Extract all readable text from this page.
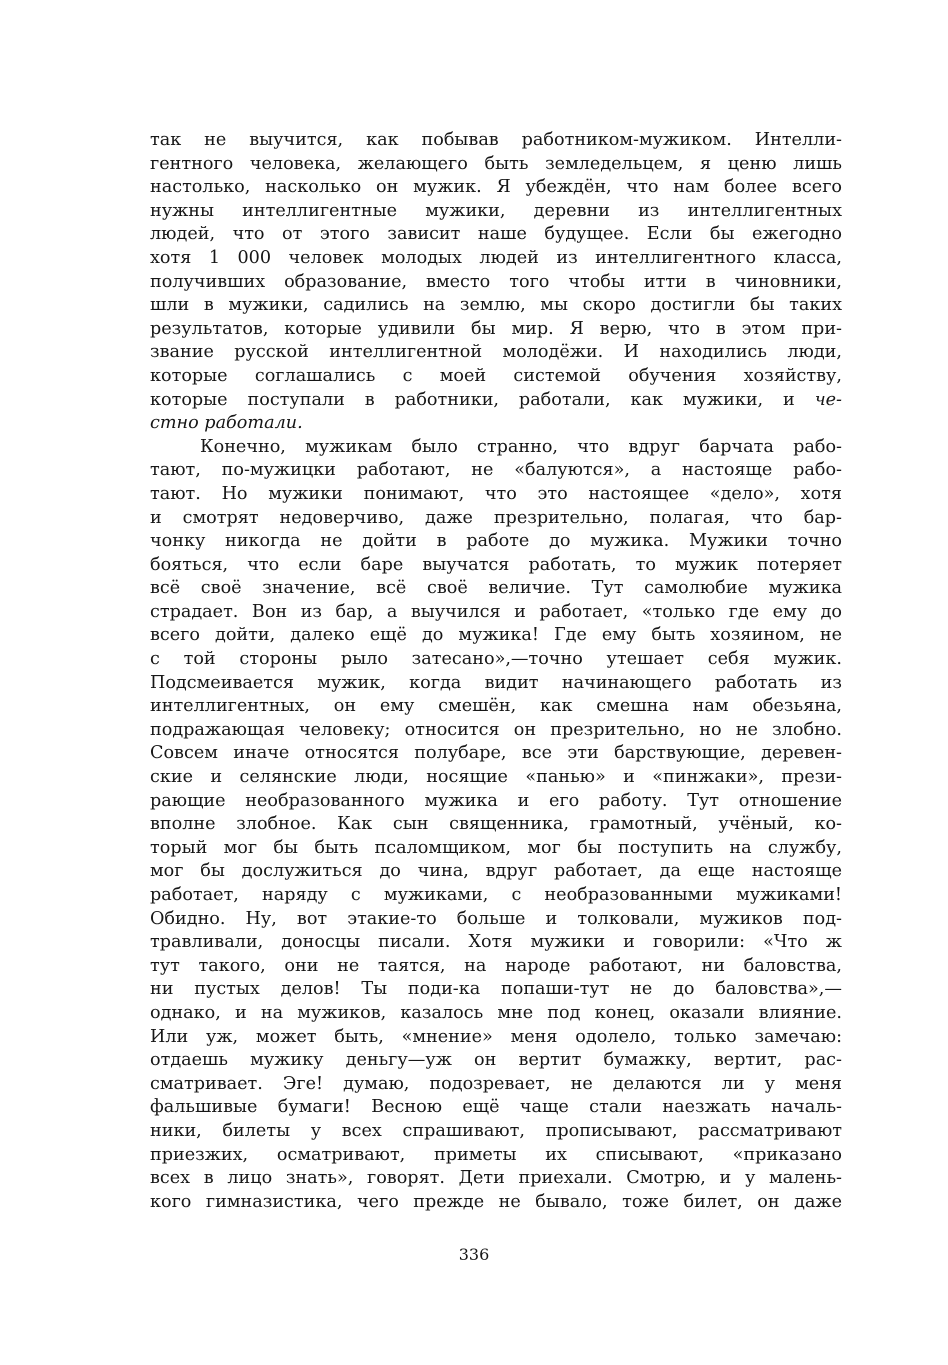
так не выучится, как побывав работником-мужиком. Интелли-
гентного человека, желающего быть земледельцем, я ценю лишь
настолько, насколько он мужик. Я убеждён, что нам более всего
нужны интеллигентные мужики, деревни из интеллигентных
людей, что от этого зависит наше будущее. Если бы ежегодно
хотя 1 000 человек молодых людей из интеллигентного класса,
получивших образование, вместо того чтобы итти в чиновники,
шли в мужики, садились на землю, мы скоро достигли бы таких
результатов, которые удивили бы мир. Я верю, что в этом при-
звание русской интеллигентной молодёжи. И находились люди,
которые соглашались с моей системой обучения хозяйству,
которые поступали в работники, работали, как мужики, и че-
стно работали.
Конечно, мужикам было странно, что вдруг барчата рабо-
тают, по-мужицки работают, не «балуются», а настояще рабо-
тают. Но мужики понимают, что это настоящее «дело», хотя
и смотрят недоверчиво, даже презрительно, полагая, что бар-
чонку никогда не дойти в работе до мужика. Мужики точно
бояться, что если баре выучатся работать, то мужик потеряет
всё своё значение, всё своё величие. Тут самолюбие мужика
страдает. Вон из бар, а выучился и работает, «только где ему до
всего дойти, далеко ещё до мужика! Где ему быть хозяином, не
с той стороны рыло затесано»,—точно утешает себя мужик.
Подсмеивается мужик, когда видит начинающего работать из
интеллигентных, он ему смешён, как смешна нам обезьяна,
подражающая человеку; относится он презрительно, но не злобно.
Совсем иначе относятся полубаре, все эти барствующие, деревен-
ские и селянские люди, носящие «панью» и «пинжаки», прези-
рающие необразованного мужика и его работу. Тут отношение
вполне злобное. Как сын священника, грамотный, учёный, ко-
торый мог бы быть псаломщиком, мог бы поступить на службу,
мог бы дослужиться до чина, вдруг работает, да еще настояще
работает, наряду с мужиками, с необразованными мужиками!
Обидно. Ну, вот этакие-то больше и толковали, мужиков под-
травливали, доносцы писали. Хотя мужики и говорили: «Что ж
тут такого, они не таятся, на народе работают, ни баловства,
ни пустых делов! Ты поди-ка попаши-тут не до баловства»,—
однако, и на мужиков, казалось мне под конец, оказали влияние.
Или уж, может быть, «мнение» меня одолело, только замечаю:
отдаешь мужику деньгу—уж он вертит бумажку, вертит, рас-
сматривает. Эге! думаю, подозревает, не делаются ли у меня
фальшивые бумаги! Весною ещё чаще стали наезжать началь-
ники, билеты у всех спрашивают, прописывают, рассматривают
приезжих, осматривают, приметы их списывают, «приказано
всех в лицо знать», говорят. Дети приехали. Смотрю, и у малень-
кого гимназистика, чего прежде не бывало, тоже билет, он даже
336
